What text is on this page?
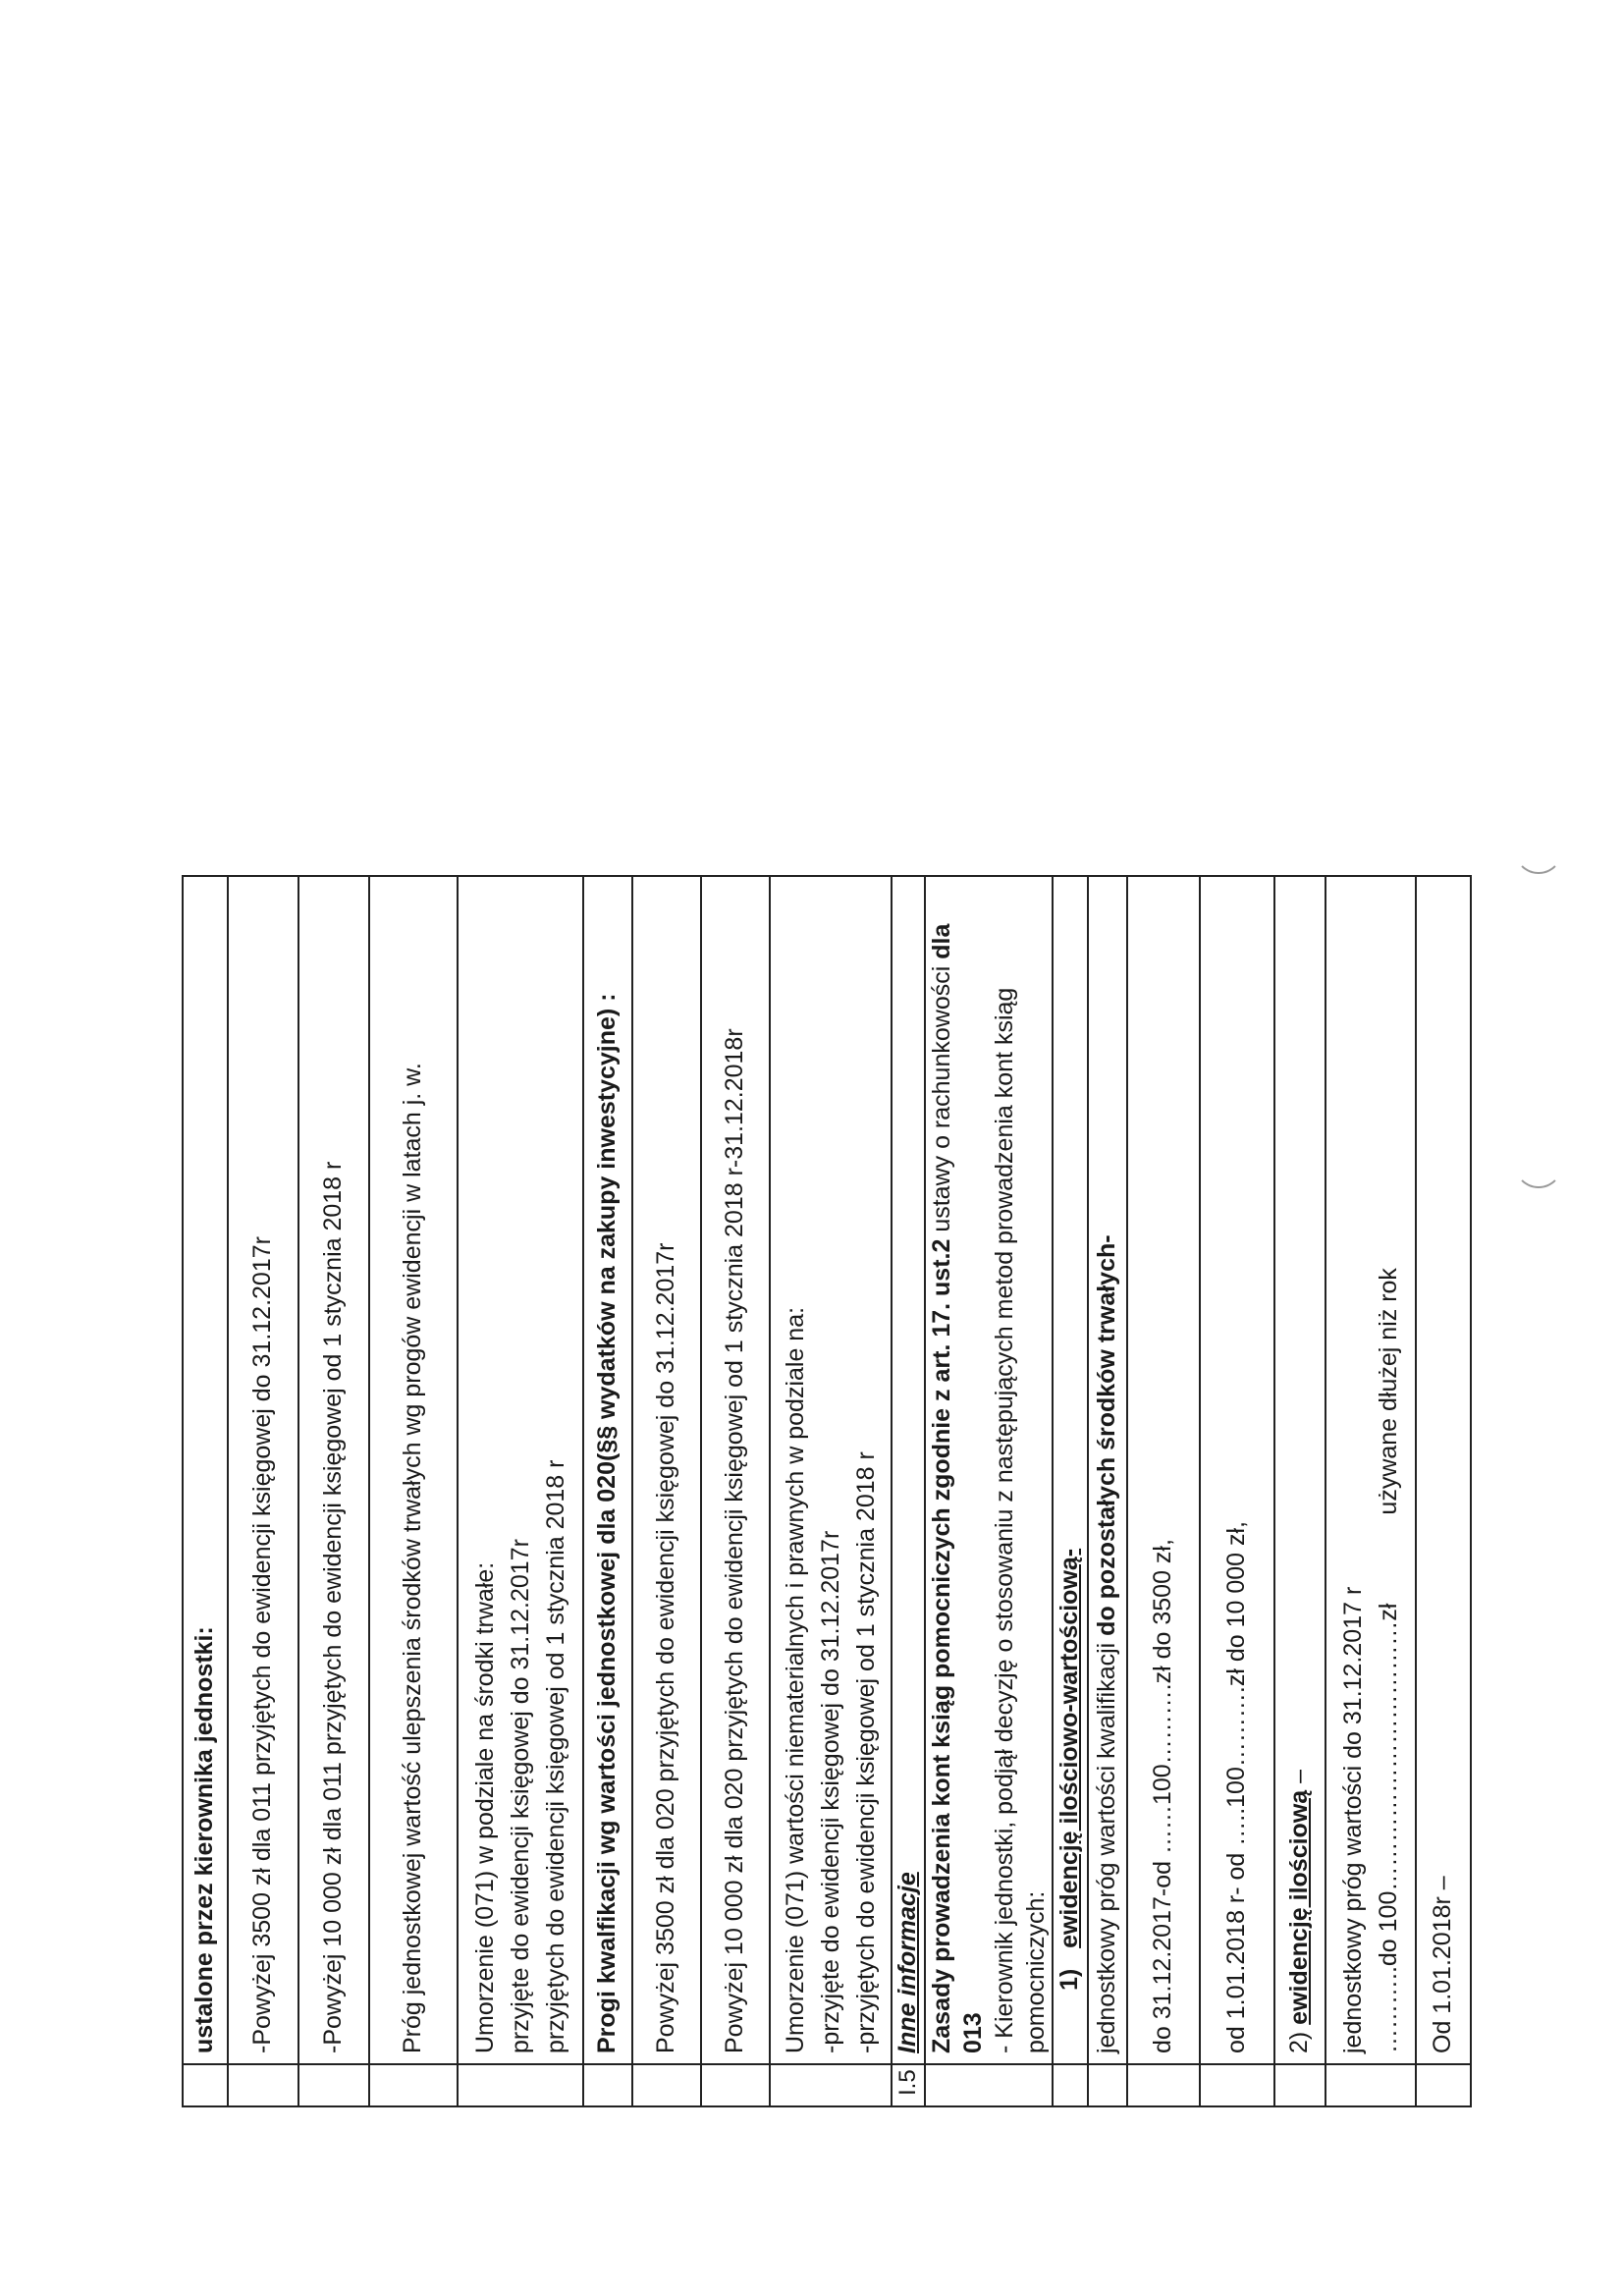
	ustalone przez kierownika jednostki:
	-Powyżej 3500 zł dla 011 przyjętych do ewidencji księgowej do 31.12.2017r
	-Powyżej 10 000 zł dla 011 przyjętych do ewidencji księgowej od 1 stycznia 2018 r
	Próg jednostkowej wartość ulepszenia środków trwałych wg progów ewidencji w latach j. w.

	Umorzenie (071) w podziale na środki trwałe: przyjęte do ewidencji księgowej do 31.12.2017r przyjętych do ewidencji księgowej od 1 stycznia 2018 r

	Progi kwalfikacji wg wartości jednostkowej dla 020(§§ wydatków na zakupy inwestycyjne) :
	Powyżej 3500 zł dla 020 przyjętych do ewidencji księgowej do 31.12.2017r
	Powyżej 10 000 zł dla 020 przyjętych do ewidencji księgowej od 1 stycznia 2018 r-31.12.2018r

	Umorzenie (071) wartości niematerialnych i prawnych w podziale na: -przyjęte do ewidencji księgowej do 31.12.2017r -przyjętych do ewidencji księgowej od 1 stycznia 2018 r

I.5	Inne informacje

	Zasady prowadzenia kont ksiąg pomocniczych zgodnie z art. 17. ust.2 ustawy o rachunkowości dla 013 - Kierownik jednostki, podjął decyzję o stosowaniu z następujących metod prowadzenia kont ksiąg pomocniczych:

	1)   ewidencję ilościowo-wartościową-

	jednostkowy próg wartości kwalifikacji do pozostałych środków trwałych-
	do 31.12.2017-od ……100……….zł do 3500 zł,
	od 1.01.2018 r- od …..100……….zł do 10 000 zł,
	2) ewidencję ilościową –

	jednostkowy próg wartości do 31.12.2017 r ………..do 100……………………………złużywane dłużej niż rok

	Od 1.01.2018r –
